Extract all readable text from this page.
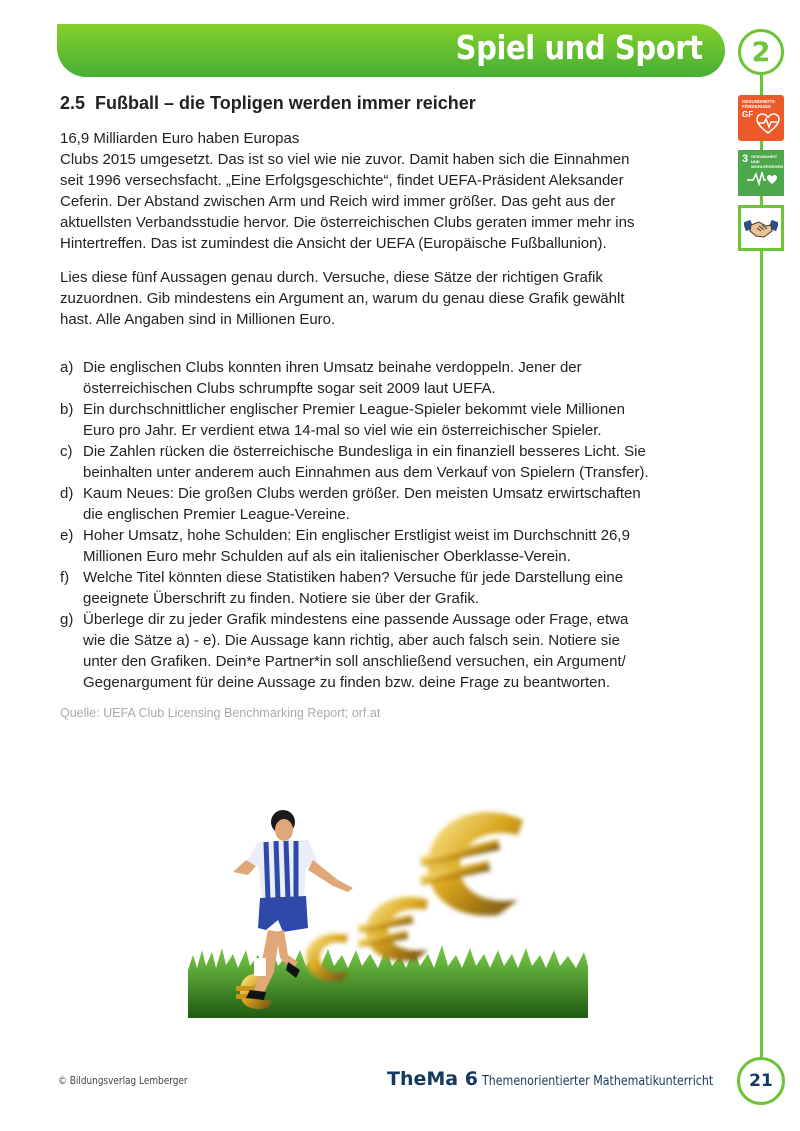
Spiel und Sport	2
GESUNDHEITS-FÖRDERUNG
GF
3 GESUNDHEIT UND WOHLERGEHEN
2.5 Fußball – die Topligen werden immer reicher
16,9 Milliarden Euro haben Europas
Clubs 2015 umgesetzt. Das ist so viel wie nie zuvor. Damit haben sich die Einnahmen
seit 1996 versechsfacht. „Eine Erfolgsgeschichte“, findet UEFA-Präsident Aleksander
Ceferin. Der Abstand zwischen Arm und Reich wird immer größer. Das geht aus der
aktuellsten Verbandsstudie hervor. Die österreichischen Clubs geraten immer mehr ins
Hintertreffen. Das ist zumindest die Ansicht der UEFA (Europäische Fußballunion).
Lies diese fünf Aussagen genau durch. Versuche, diese Sätze der richtigen Grafik
zuzuordnen. Gib mindestens ein Argument an, warum du genau diese Grafik gewählt
hast. Alle Angaben sind in Millionen Euro.
a) Die englischen Clubs konnten ihren Umsatz beinahe verdoppeln. Jener der
österreichischen Clubs schrumpfte sogar seit 2009 laut UEFA.
b) Ein durchschnittlicher englischer Premier League-Spieler bekommt viele Millionen
Euro pro Jahr. Er verdient etwa 14-mal so viel wie ein österreichischer Spieler.
c) Die Zahlen rücken die österreichische Bundesliga in ein finanziell besseres Licht. Sie
beinhalten unter anderem auch Einnahmen aus dem Verkauf von Spielern (Transfer).
d) Kaum Neues: Die großen Clubs werden größer. Den meisten Umsatz erwirtschaften
die englischen Premier League-Vereine.
e) Hoher Umsatz, hohe Schulden: Ein englischer Erstligist weist im Durchschnitt 26,9
Millionen Euro mehr Schulden auf als ein italienischer Oberklasse-Verein.
f) Welche Titel könnten diese Statistiken haben? Versuche für jede Darstellung eine
geeignete Überschrift zu finden. Notiere sie über der Grafik.
g) Überlege dir zu jeder Grafik mindestens eine passende Aussage oder Frage, etwa
wie die Sätze a) - e). Die Aussage kann richtig, aber auch falsch sein. Notiere sie
unter den Grafiken. Dein*e Partner*in soll anschließend versuchen, ein Argument/
Gegenargument für deine Aussage zu finden bzw. deine Frage zu beantworten.
Quelle: UEFA Club Licensing Benchmarking Report; orf.at
© Bildungsverlag Lemberger	TheMa 6 Themenorientierter Mathematikunterricht	21
